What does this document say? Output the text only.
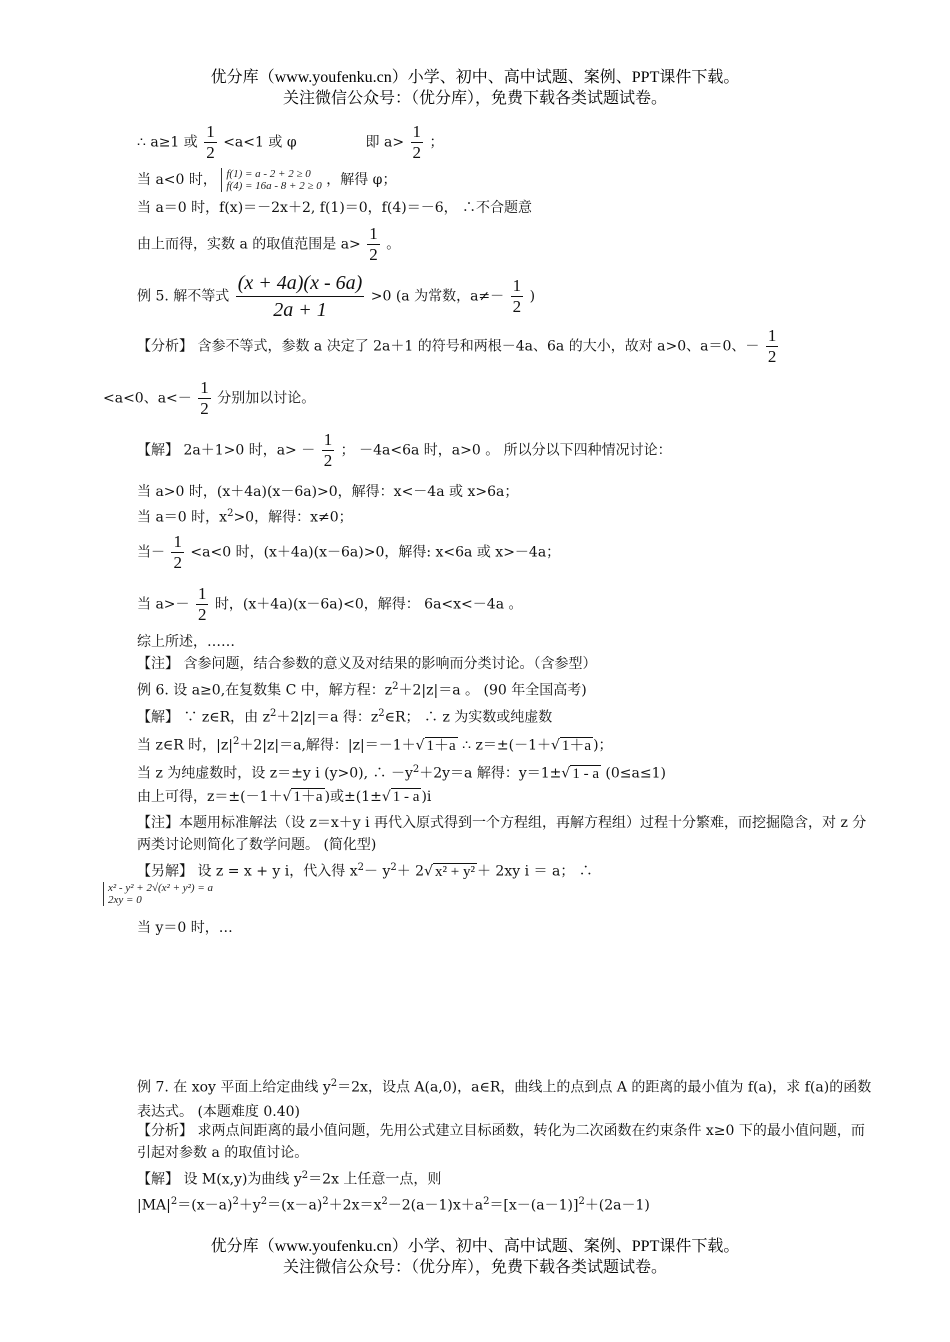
优分库（www.youfenku.cn）小学、初中、高中试题、案例、PPT课件下载。
关注微信公众号：（优分库），免费下载各类试题试卷。
∴ a≥1 或 $\frac{1}{2} <a<1$ 或 φ	即 $a> \frac{1}{2}$ ；
当 a<0 时， f(1) = a - 2 + 2 ≥ 0
f(4) = 16a - 8 + 2 ≥ 0 ，解得 φ；
当 a＝0 时，f(x)＝－2x＋2, f(1)＝0，f(4)＝－6， ∴不合题意
由上而得，实数 a 的取值范围是 $a> \frac{1}{2}$ 。
例 5. 解不等式 $\frac{(x + 4a)(x - 6a)}{2a + 1} >0$ (a 为常数，$a\ne- \frac{1}{2}$ )
【分析】 含参不等式，参数 a 决定了 2a＋1 的符号和两根－4a、6a 的大小，故对 a>0、a＝0、－ $\frac{1}{2}$
<a<0、$a<- \frac{1}{2}$ 分别加以讨论。
【解】 2a＋1>0 时，$a> - \frac{1}{2}$ ； －4a<6a 时，a>0 。 所以分以下四种情况讨论：
当 a>0 时，(x＋4a)(x－6a)>0，解得：x<－4a 或 x>6a；
当 a＝0 时，$x^2>0$，解得：x≠0；
当－ $\frac{1}{2} <a<0$ 时，(x＋4a)(x－6a)>0，解得: x<6a 或 x>－4a；
当 $a>- \frac{1}{2}$ 时，(x＋4a)(x－6a)<0，解得： 6a<x<－4a 。
综上所述，……
【注】 含参问题，结合参数的意义及对结果的影响而分类讨论。（含参型）
例 6. 设 a≥0,在复数集 C 中，解方程：$z^2+2|z|=a$ 。 (90 年全国高考)
【解】 ∵ z∈R，由 $z^2+2|z|=a$ 得：$z^2\in R$； ∴ z 为实数或纯虚数
当 z∈R 时，$|z|^2+2|z|=a$,解得：|z|＝－1＋√ 1＋a ∴ z＝±(－1＋√ 1＋a )；
当 z 为纯虚数时，设 z＝±y i (y>0), ∴ $-y^2+2y=a$ 解得：y＝1±√ 1 - a (0≤a≤1)
由上可得，z＝±(－1＋√ 1＋a )或±(1±√ 1 - a )i
【注】本题用标准解法（设 z＝x＋y i 再代入原式得到一个方程组，再解方程组）过程十分繁难，而挖掘隐含，对 z 分两类讨论则简化了数学问题。 (简化型)
【另解】 设 z = x + y i，代入得 $x^2- y^2+ 2√$ x² + y² ＋ 2xy i ＝ a； ∴
x² - y² + 2√(x² + y²) = a
2xy = 0
当 y＝0 时，…
例 7. 在 xoy 平面上给定曲线 $y^2=2x$，设点 A(a,0)，a∈R，曲线上的点到点 A 的距离的最小值为 f(a)，求 f(a)的函数表达式。 (本题难度 0.40)
【分析】 求两点间距离的最小值问题，先用公式建立目标函数，转化为二次函数在约束条件 x≥0 下的最小值问题，而引起对参数 a 的取值讨论。
【解】 设 M(x,y)为曲线 $y^2=2x$ 上任意一点，则
$|MA|^2=(x-a)^2+y^2=(x-a)^2+2x=x^2-2(a-1)x+a^2=[x-(a-1)]^2+(2a-1)$
优分库（www.youfenku.cn）小学、初中、高中试题、案例、PPT课件下载。
关注微信公众号：（优分库），免费下载各类试题试卷。
